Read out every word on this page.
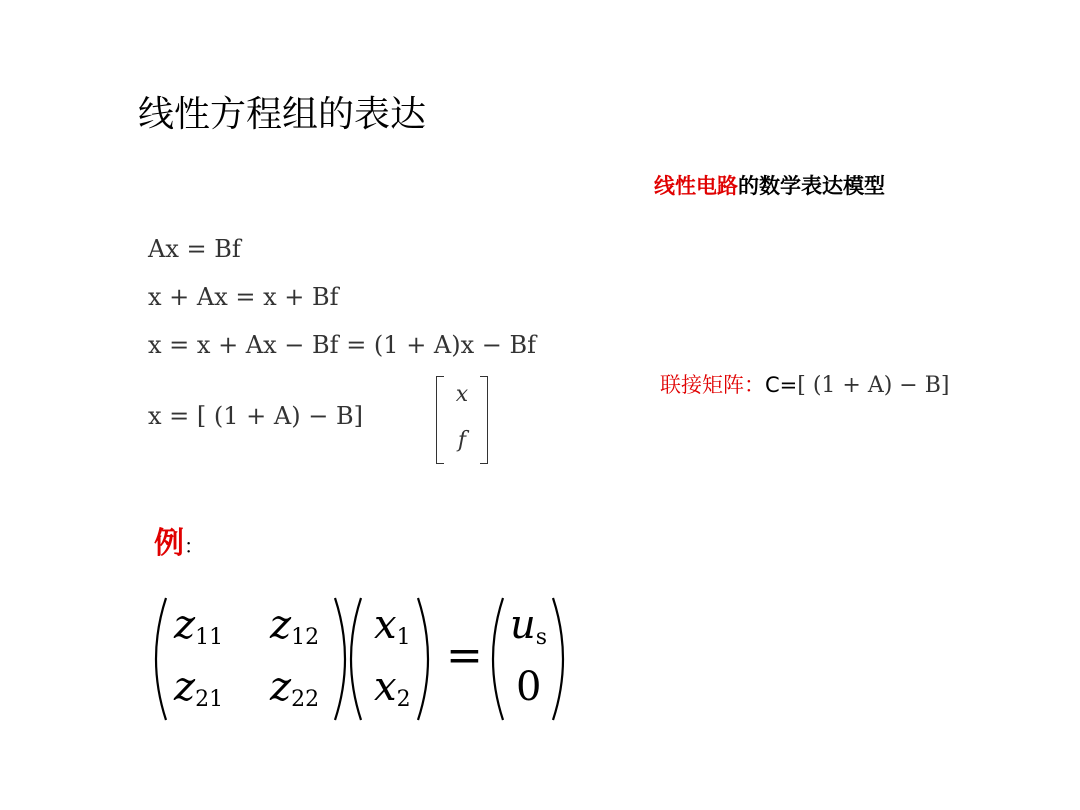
线性方程组的表达
线性电路的数学表达模型
Ax = Bf
x + Ax = x + Bf
x = x + Ax − Bf = (1 + A)x − Bf
x = [ (1 + A) − B]
x
f
联接矩阵：C=[ (1 + A) − B]
例：
$z_{11}$ $z_{12}$
$z_{21}$ $z_{22}$
$x_1$
$x_2$
=
$u_s$
0
